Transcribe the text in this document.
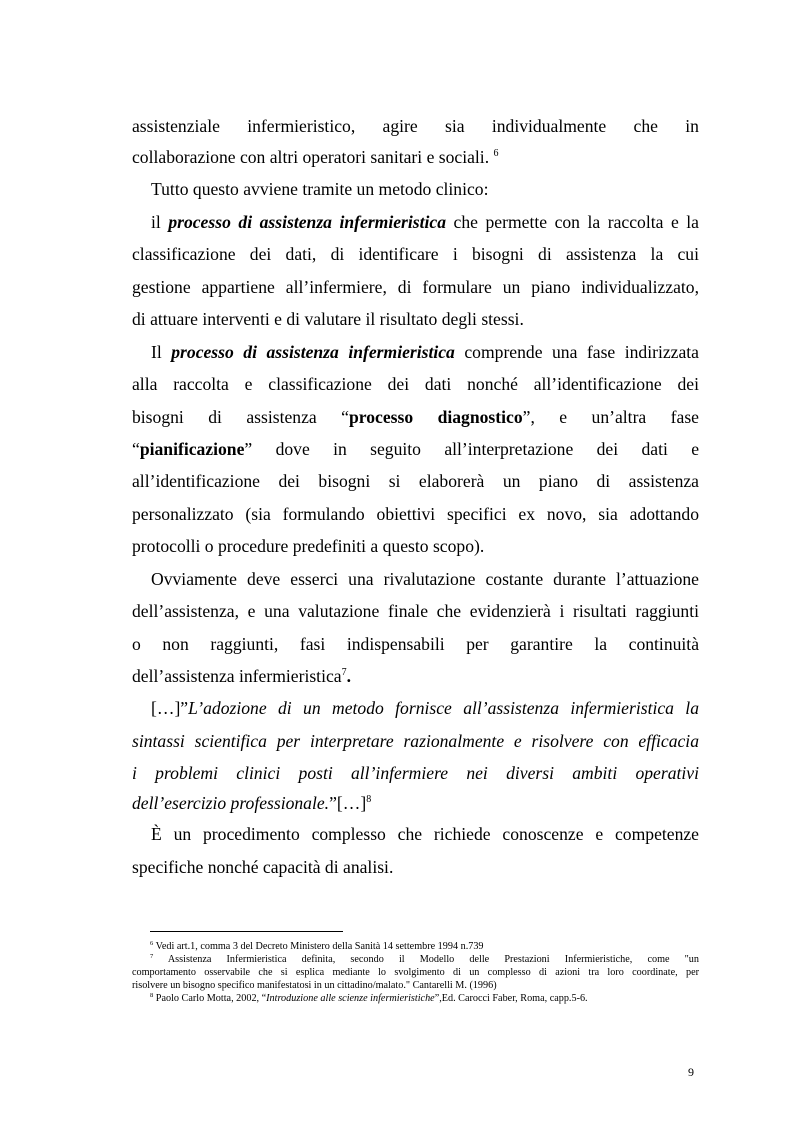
assistenziale infermieristico, agire sia individualmente che in
collaborazione con altri operatori sanitari e sociali. $^6$
Tutto questo avviene tramite un metodo clinico:
il processo di assistenza infermieristica che permette con la raccolta e la
classificazione dei dati, di identificare i bisogni di assistenza la cui
gestione appartiene all’infermiere, di formulare un piano individualizzato,
di attuare interventi e di valutare il risultato degli stessi.
Il processo di assistenza infermieristica comprende una fase indirizzata
alla raccolta e classificazione dei dati nonché all’identificazione dei
bisogni di assistenza “processo diagnostico”, e un’altra fase
“pianificazione” dove in seguito all’interpretazione dei dati e
all’identificazione dei bisogni si elaborerà un piano di assistenza
personalizzato (sia formulando obiettivi specifici ex novo, sia adottando
protocolli o procedure predefiniti a questo scopo).
Ovviamente deve esserci una rivalutazione costante durante l’attuazione
dell’assistenza, e una valutazione finale che evidenzierà i risultati raggiunti
o non raggiunti, fasi indispensabili per garantire la continuità
dell’assistenza infermieristica$^7$.
[…]”L’adozione di un metodo fornisce all’assistenza infermieristica la
sintassi scientifica per interpretare razionalmente e risolvere con efficacia
i problemi clinici posti all’infermiere nei diversi ambiti operativi
dell’esercizio professionale.”[…]$^8$
È un procedimento complesso che richiede conoscenze e competenze
specifiche nonché capacità di analisi.
$^6$ Vedi art.1, comma 3 del Decreto Ministero della Sanità 14 settembre 1994 n.739
$^7$ Assistenza Infermieristica definita, secondo il Modello delle Prestazioni Infermieristiche, come "un
comportamento osservabile che si esplica mediante lo svolgimento di un complesso di azioni tra loro coordinate, per
risolvere un bisogno specifico manifestatosi in un cittadino/malato." Cantarelli M. (1996)
$^8$ Paolo Carlo Motta, 2002, “Introduzione alle scienze infermieristiche”,Ed. Carocci Faber, Roma, capp.5-6.
9
